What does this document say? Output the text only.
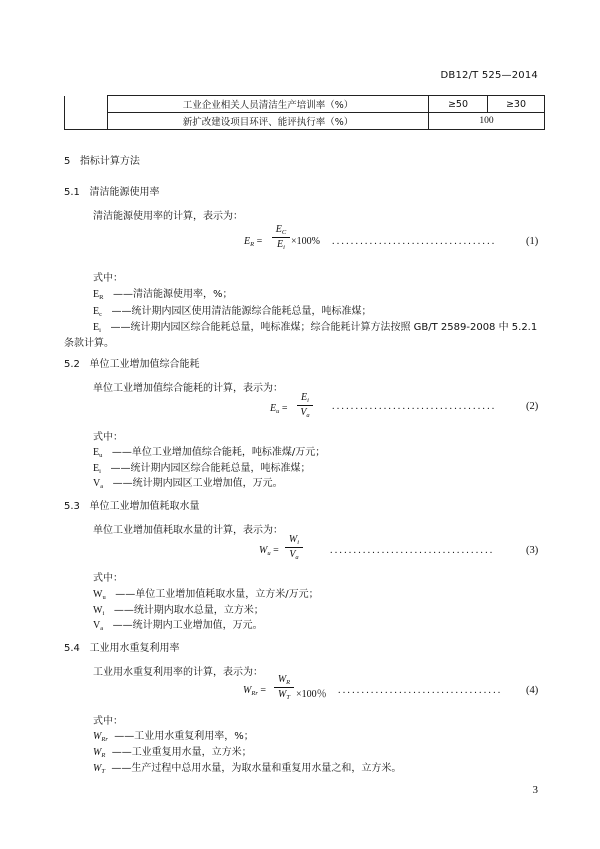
DB12/T 525—2014
	工业企业相关人员清洁生产培训率（%）	≥50	≥30
	新扩改建设项目环评、能评执行率（%）	100	
5 指标计算方法
5.1 清洁能源使用率
清洁能源使用率的计算，表示为：
$E_R$ =
$E_C$
$E_i$
×100% ...................................	(1)
式中：
$E_R$ ——清洁能源使用率，%；
$E_c$ ——统计期内园区使用清洁能源综合能耗总量，吨标准煤；
$E_i$ ——统计期内园区综合能耗总量，吨标准煤；综合能耗计算方法按照 GB/T 2589-2008 中 5.2.1
条款计算。
5.2 单位工业增加值综合能耗
单位工业增加值综合能耗的计算，表示为：
$E_u$ =
$E_i$
$V_a$
...................................	(2)
式中：
$E_u$ ——单位工业增加值综合能耗，吨标准煤/万元；
$E_i$ ——统计期内园区综合能耗总量，吨标准煤；
$V_a$ ——统计期内园区工业增加值，万元。
5.3 单位工业增加值耗取水量
单位工业增加值耗取水量的计算，表示为：
$W_u$ =
$W_i$
$V_a$
...................................	(3)
式中：
$W_u$ ——单位工业增加值耗取水量，立方米/万元；
$W_i$ ——统计期内取水总量，立方米；
$V_a$ ——统计期内工业增加值，万元。
5.4 工业用水重复利用率
工业用水重复利用率的计算，表示为：
$W_{Rr}$ =
$W_R$
$W_T \times 100$％ ................................... (4)
式中：
$W_{Rr}$ ——工业用水重复利用率，%；
$W_R$ ——工业重复用水量，立方米；
$W_T$ ——生产过程中总用水量，为取水量和重复用水量之和，立方米。
3
